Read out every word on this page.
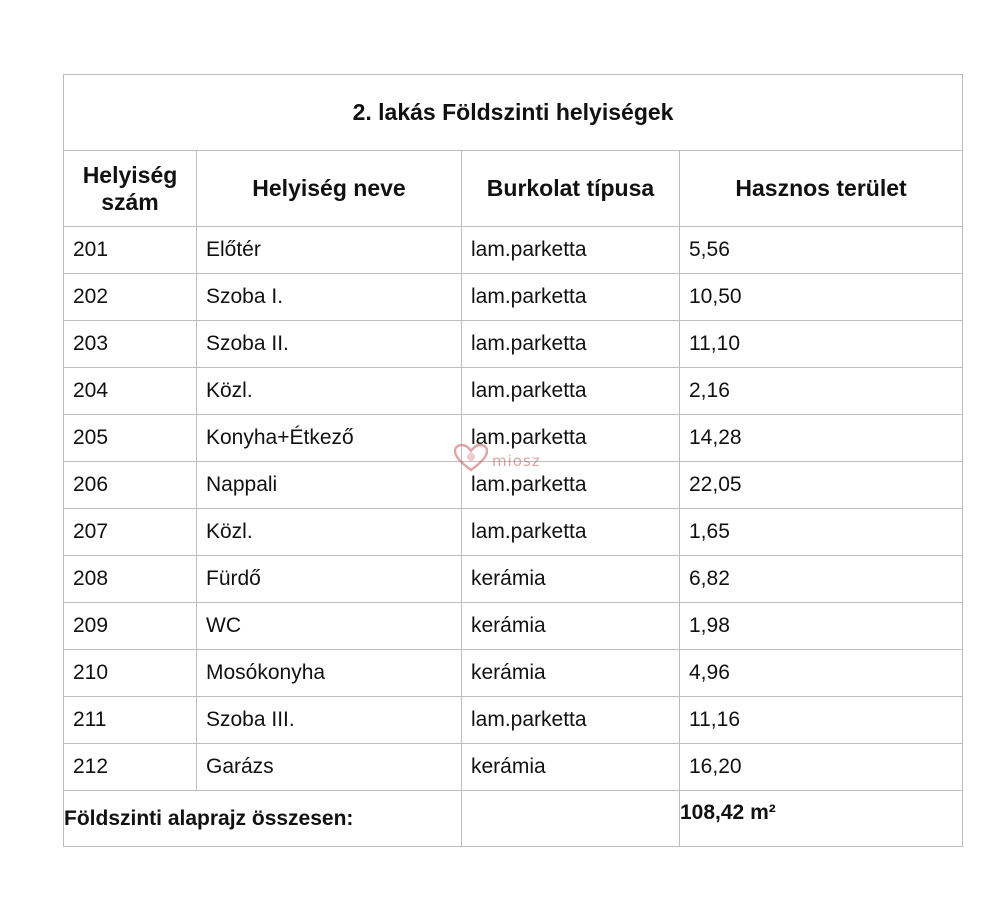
2. lakás Földszinti helyiségek			
Helyiség szám	Helyiség neve	Burkolat típusa	Hasznos terület
201	Előtér	lam.parketta	5,56
202	Szoba I.	lam.parketta	10,50
203	Szoba II.	lam.parketta	11,10
204	Közl.	lam.parketta	2,16
205	Konyha+Étkező	lam.parketta	14,28
206	Nappali	lam.parketta	22,05
207	Közl.	lam.parketta	1,65
208	Fürdő	kerámia	6,82
209	WC	kerámia	1,98
210	Mosókonyha	kerámia	4,96
211	Szoba III.	lam.parketta	11,16
212	Garázs	kerámia	16,20
Földszinti alaprajz összesen:			108,42 m²
miosz
